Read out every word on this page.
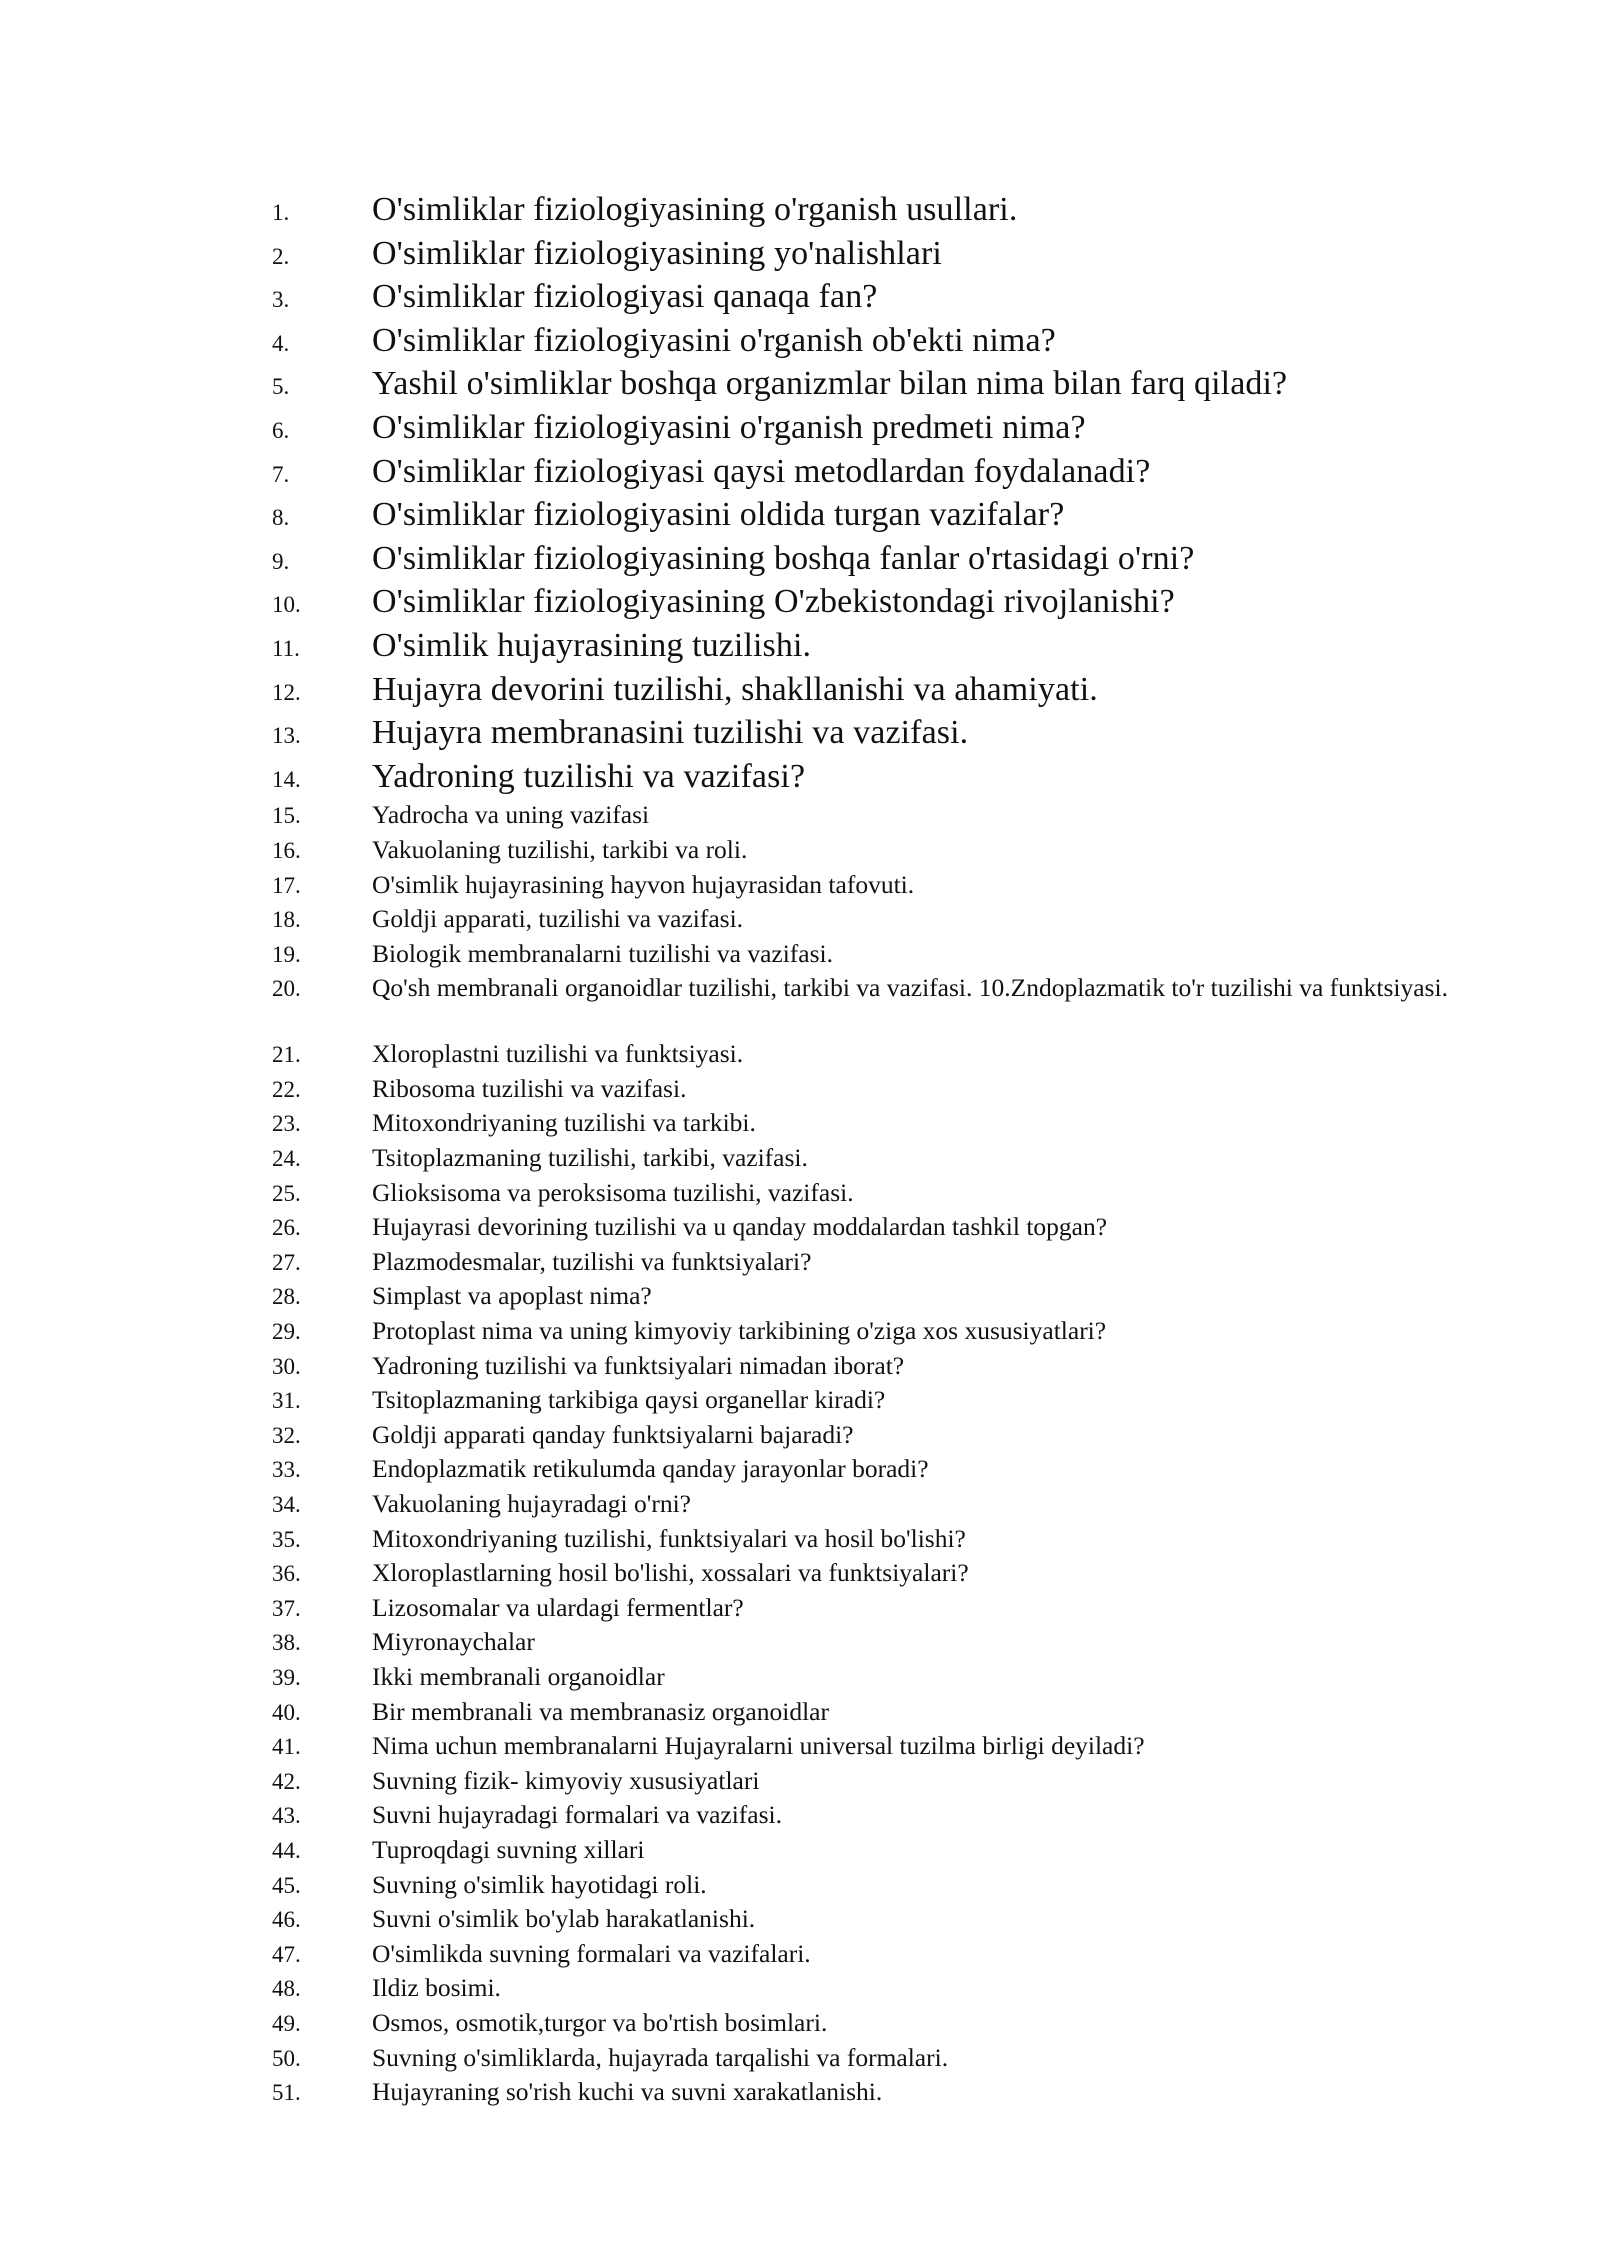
1.	O'simliklar fiziologiyasining o'rganish usullari.
2.	O'simliklar fiziologiyasining yo'nalishlari
3.	O'simliklar fiziologiyasi qanaqa fan?
4.	O'simliklar fiziologiyasini o'rganish ob'ekti nima?
5.	Yashil o'simliklar boshqa organizmlar bilan nima bilan farq qiladi?
6.	O'simliklar fiziologiyasini o'rganish predmeti nima?
7.	O'simliklar fiziologiyasi qaysi metodlardan foydalanadi?
8.	O'simliklar fiziologiyasini oldida turgan vazifalar?
9.	O'simliklar fiziologiyasining boshqa fanlar o'rtasidagi o'rni?
10.	O'simliklar fiziologiyasining O'zbekistondagi rivojlanishi?
11.	O'simlik hujayrasining tuzilishi.
12.	Hujayra devorini tuzilishi, shakllanishi va ahamiyati.
13.	Hujayra membranasini tuzilishi va vazifasi.
14.	Yadroning tuzilishi va vazifasi?
15.	Yadrocha va uning vazifasi
16.	Vakuolaning tuzilishi, tarkibi va roli.
17.	O'simlik hujayrasining hayvon hujayrasidan tafovuti.
18.	Goldji apparati, tuzilishi va vazifasi.
19.	Biologik membranalarni tuzilishi va vazifasi.
20.	Qo'sh membranali organoidlar tuzilishi, tarkibi va vazifasi. 10.Zndoplazmatik to'r tuzilishi va funktsiyasi.
21.	Xloroplastni tuzilishi va funktsiyasi.
22.	Ribosoma tuzilishi va vazifasi.
23.	Mitoxondriyaning tuzilishi va tarkibi.
24.	Tsitoplazmaning tuzilishi, tarkibi, vazifasi.
25.	Glioksisoma va peroksisoma tuzilishi, vazifasi.
26.	Hujayrasi devorining tuzilishi va u qanday moddalardan tashkil topgan?
27.	Plazmodesmalar, tuzilishi va funktsiyalari?
28.	Simplast va apoplast nima?
29.	Protoplast nima va uning kimyoviy tarkibining o'ziga xos xususiyatlari?
30.	Yadroning tuzilishi va funktsiyalari nimadan iborat?
31.	Tsitoplazmaning tarkibiga qaysi organellar kiradi?
32.	Goldji apparati qanday funktsiyalarni bajaradi?
33.	Endoplazmatik retikulumda qanday jarayonlar boradi?
34.	Vakuolaning hujayradagi o'rni?
35.	Mitoxondriyaning tuzilishi, funktsiyalari va hosil bo'lishi?
36.	Xloroplastlarning hosil bo'lishi, xossalari va funktsiyalari?
37.	Lizosomalar va ulardagi fermentlar?
38.	Miyronaychalar
39.	Ikki membranali organoidlar
40.	Bir membranali va membranasiz organoidlar
41.	Nima uchun membranalarni Hujayralarni universal tuzilma birligi deyiladi?
42.	Suvning fizik- kimyoviy xususiyatlari
43.	Suvni hujayradagi formalari va vazifasi.
44.	Tuproqdagi suvning xillari
45.	Suvning o'simlik hayotidagi roli.
46.	Suvni o'simlik bo'ylab harakatlanishi.
47.	O'simlikda suvning formalari va vazifalari.
48.	Ildiz bosimi.
49.	Osmos, osmotik,turgor va bo'rtish bosimlari.
50.	Suvning o'simliklarda, hujayrada tarqalishi va formalari.
51.	Hujayraning so'rish kuchi va suvni xarakatlanishi.
